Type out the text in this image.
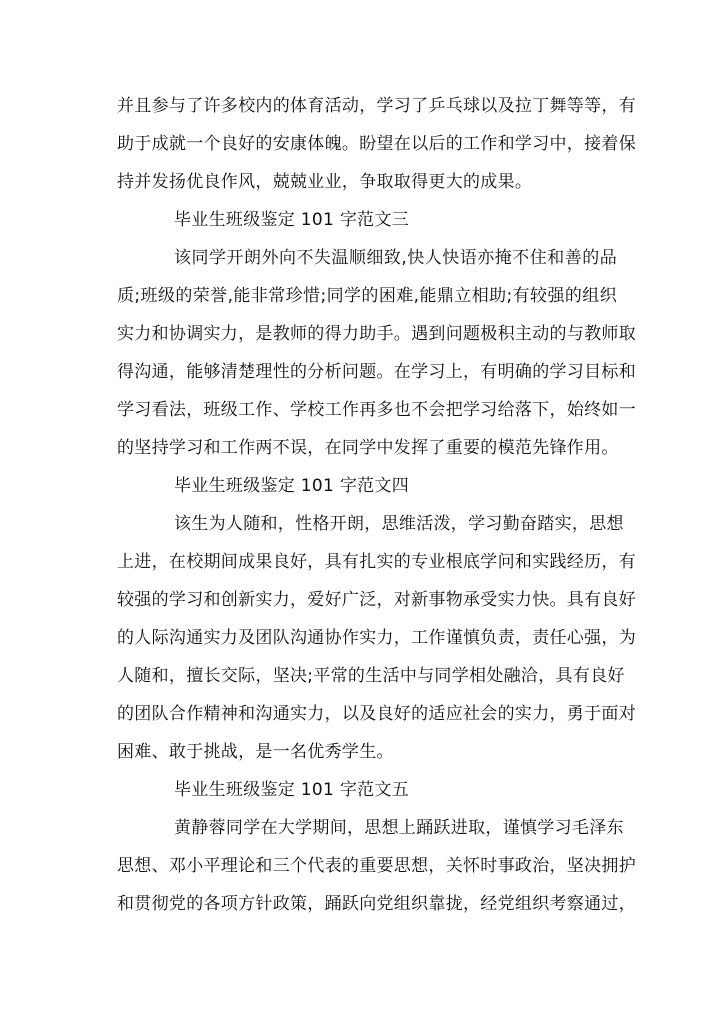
并且参与了许多校内的体育活动，学习了乒乓球以及拉丁舞等等，有
助于成就一个良好的安康体魄。盼望在以后的工作和学习中，接着保
持并发扬优良作风，兢兢业业，争取取得更大的成果。
毕业生班级鉴定 101 字范文三
该同学开朗外向不失温顺细致,快人快语亦掩不住和善的品
质;班级的荣誉,能非常珍惜;同学的困难,能鼎立相助;有较强的组织
实力和协调实力，是教师的得力助手。遇到问题极积主动的与教师取
得沟通，能够清楚理性的分析问题。在学习上，有明确的学习目标和
学习看法，班级工作、学校工作再多也不会把学习给落下，始终如一
的坚持学习和工作两不误，在同学中发挥了重要的模范先锋作用。
毕业生班级鉴定 101 字范文四
该生为人随和，性格开朗，思维活泼，学习勤奋踏实，思想
上进，在校期间成果良好，具有扎实的专业根底学问和实践经历，有
较强的学习和创新实力，爱好广泛，对新事物承受实力快。具有良好
的人际沟通实力及团队沟通协作实力，工作谨慎负责，责任心强，为
人随和，擅长交际，坚决;平常的生活中与同学相处融洽，具有良好
的团队合作精神和沟通实力，以及良好的适应社会的实力，勇于面对
困难、敢于挑战，是一名优秀学生。
毕业生班级鉴定 101 字范文五
黄静蓉同学在大学期间，思想上踊跃进取，谨慎学习毛泽东
思想、邓小平理论和三个代表的重要思想，关怀时事政治，坚决拥护
和贯彻党的各项方针政策，踊跃向党组织靠拢，经党组织考察通过，
